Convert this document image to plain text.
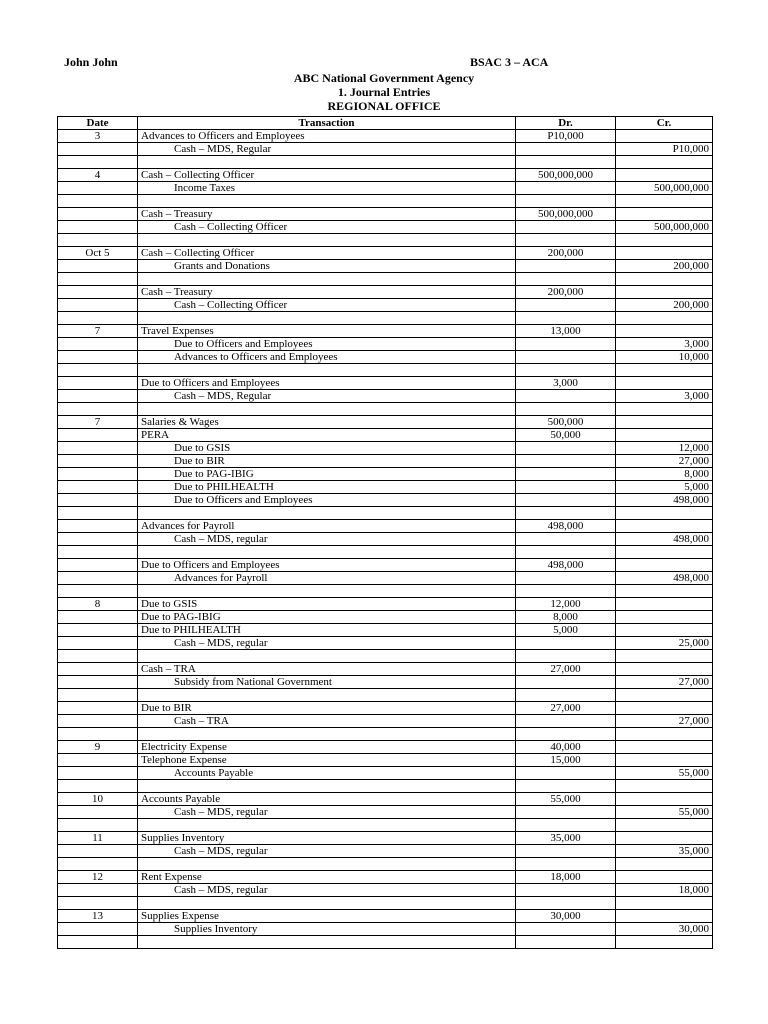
John John	BSAC 3 – ACA
ABC National Government Agency
1. Journal Entries
REGIONAL OFFICE
Date	Transaction	Dr.	Cr.
3	Advances to Officers and Employees	P10,000	
	Cash – MDS, Regular		P10,000

4	Cash – Collecting Officer	500,000,000	
	Income Taxes		500,000,000

	Cash – Treasury	500,000,000	
	Cash – Collecting Officer		500,000,000

Oct 5	Cash – Collecting Officer	200,000	
	Grants and Donations		200,000

	Cash – Treasury	200,000	
	Cash – Collecting Officer		200,000

7	Travel Expenses	13,000	
	Due to Officers and Employees		3,000
	Advances to Officers and Employees		10,000

	Due to Officers and Employees	3,000	
	Cash – MDS, Regular		3,000

7	Salaries & Wages	500,000	
	PERA	50,000	
	Due to GSIS		12,000
	Due to BIR		27,000
	Due to PAG-IBIG		8,000
	Due to PHILHEALTH		5,000
	Due to Officers and Employees		498,000

	Advances for Payroll	498,000	
	Cash – MDS, regular		498,000

	Due to Officers and Employees	498,000	
	Advances for Payroll		498,000

8	Due to GSIS	12,000	
	Due to PAG-IBIG	8,000	
	Due to PHILHEALTH	5,000	
	Cash – MDS, regular		25,000

	Cash – TRA	27,000	
	Subsidy from National Government		27,000

	Due to BIR	27,000	
	Cash – TRA		27,000

9	Electricity Expense	40,000	
	Telephone Expense	15,000	
	Accounts Payable		55,000

10	Accounts Payable	55,000	
	Cash – MDS, regular		55,000

11	Supplies Inventory	35,000	
	Cash – MDS, regular		35,000

12	Rent Expense	18,000	
	Cash – MDS, regular		18,000

13	Supplies Expense	30,000	
	Supplies Inventory		30,000
